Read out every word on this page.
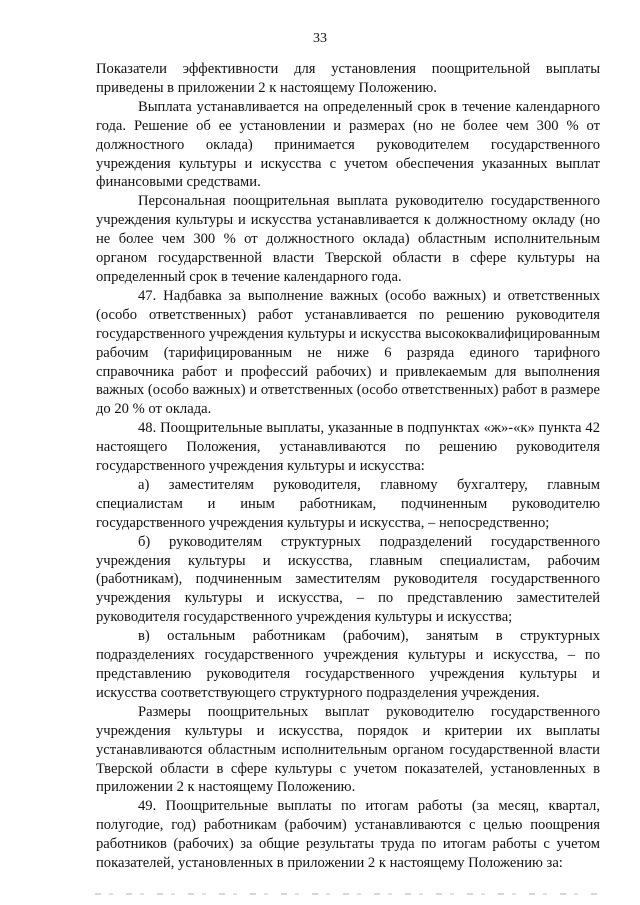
33

Показатели эффективности для установления поощрительной выплаты приведены в приложении 2 к настоящему Положению.

Выплата устанавливается на определенный срок в течение календарного года. Решение об ее установлении и размерах (но не более чем 300 % от должностного оклада) принимается руководителем государственного учреждения культуры и искусства с учетом обеспечения указанных выплат финансовыми средствами.

Персональная поощрительная выплата руководителю государственного учреждения культуры и искусства устанавливается к должностному окладу (но не более чем 300 % от должностного оклада) областным исполнительным органом государственной власти Тверской области в сфере культуры на определенный срок в течение календарного года.

47. Надбавка за выполнение важных (особо важных) и ответственных (особо ответственных) работ устанавливается по решению руководителя государственного учреждения культуры и искусства высококвалифицированным рабочим (тарифицированным не ниже 6 разряда единого тарифного справочника работ и профессий рабочих) и привлекаемым для выполнения важных (особо важных) и ответственных (особо ответственных) работ в размере до 20 % от оклада.

48. Поощрительные выплаты, указанные в подпунктах «ж»-«к» пункта 42 настоящего Положения, устанавливаются по решению руководителя государственного учреждения культуры и искусства:

а) заместителям руководителя, главному бухгалтеру, главным специалистам и иным работникам, подчиненным руководителю государственного учреждения культуры и искусства, – непосредственно;

б) руководителям структурных подразделений государственного учреждения культуры и искусства, главным специалистам, рабочим (работникам), подчиненным заместителям руководителя государственного учреждения культуры и искусства, – по представлению заместителей руководителя государственного учреждения культуры и искусства;

в) остальным работникам (рабочим), занятым в структурных подразделениях государственного учреждения культуры и искусства, – по представлению руководителя государственного учреждения культуры и искусства соответствующего структурного подразделения учреждения.

Размеры поощрительных выплат руководителю государственного учреждения культуры и искусства, порядок и критерии их выплаты устанавливаются областным исполнительным органом государственной власти Тверской области в сфере культуры с учетом показателей, установленных в приложении 2 к настоящему Положению.

49. Поощрительные выплаты по итогам работы (за месяц, квартал, полугодие, год) работникам (рабочим) устанавливаются с целью поощрения работников (рабочих) за общие результаты труда по итогам работы с учетом показателей, установленных в приложении 2 к настоящему Положению за:
